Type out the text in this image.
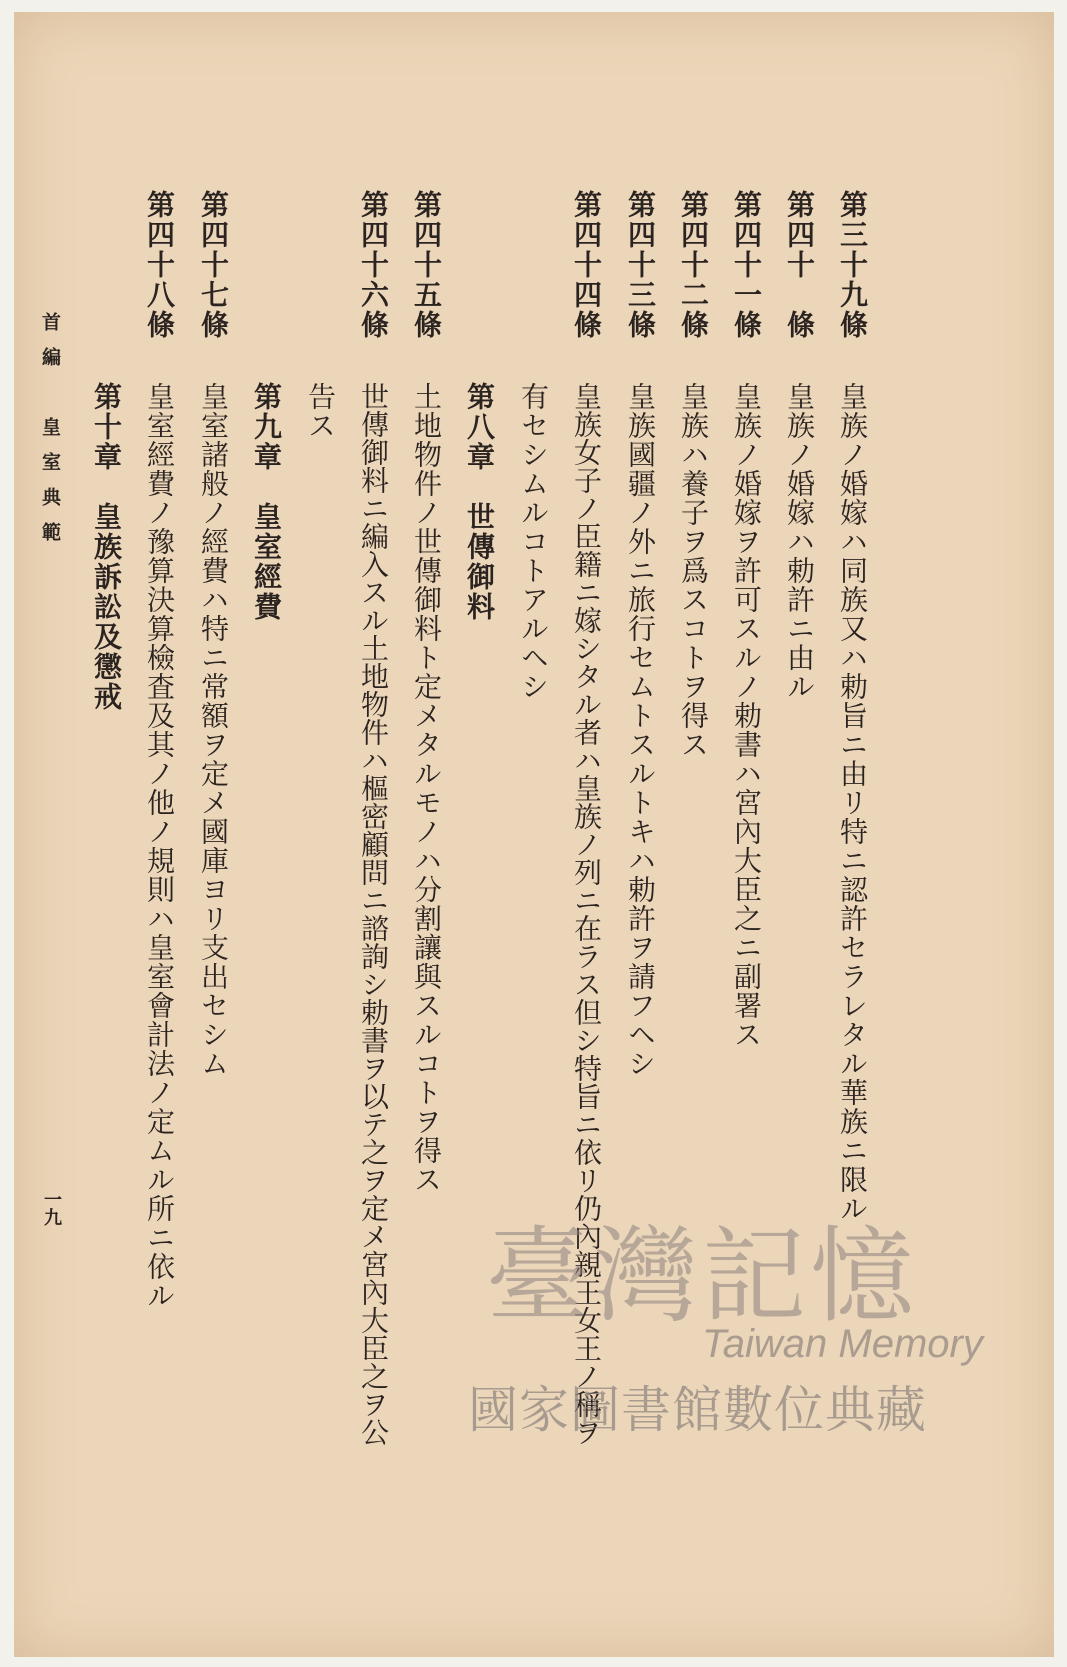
第三十九條
皇族ノ婚嫁ハ同族又ハ勅旨ニ由リ特ニ認許セラレタル華族ニ限ル
第四十　條
皇族ノ婚嫁ハ勅許ニ由ル
第四十一條
皇族ノ婚嫁ヲ許可スルノ勅書ハ宮內大臣之ニ副署ス
第四十二條
皇族ハ養子ヲ爲スコトヲ得ス
第四十三條
皇族國疆ノ外ニ旅行セムトスルトキハ勅許ヲ請フヘシ
第四十四條
皇族女子ノ臣籍ニ嫁シタル者ハ皇族ノ列ニ在ラス但シ特旨ニ依リ仍內親王女王ノ稱ヲ
有セシムルコトアルヘシ
第八章　世傳御料
第四十五條
土地物件ノ世傳御料ト定メタルモノハ分割讓與スルコトヲ得ス
第四十六條
世傳御料ニ編入スル土地物件ハ樞密顧問ニ諮詢シ勅書ヲ以テ之ヲ定メ宮內大臣之ヲ公
告ス
第九章　皇室經費
第四十七條
皇室諸般ノ經費ハ特ニ常額ヲ定メ國庫ヨリ支出セシム
第四十八條
皇室經費ノ豫算決算檢査及其ノ他ノ規則ハ皇室會計法ノ定ムル所ニ依ル
第十章　皇族訴訟及懲戒
首編　皇室典範
一九
臺灣記憶
Taiwan Memory
國家圖書館數位典藏
